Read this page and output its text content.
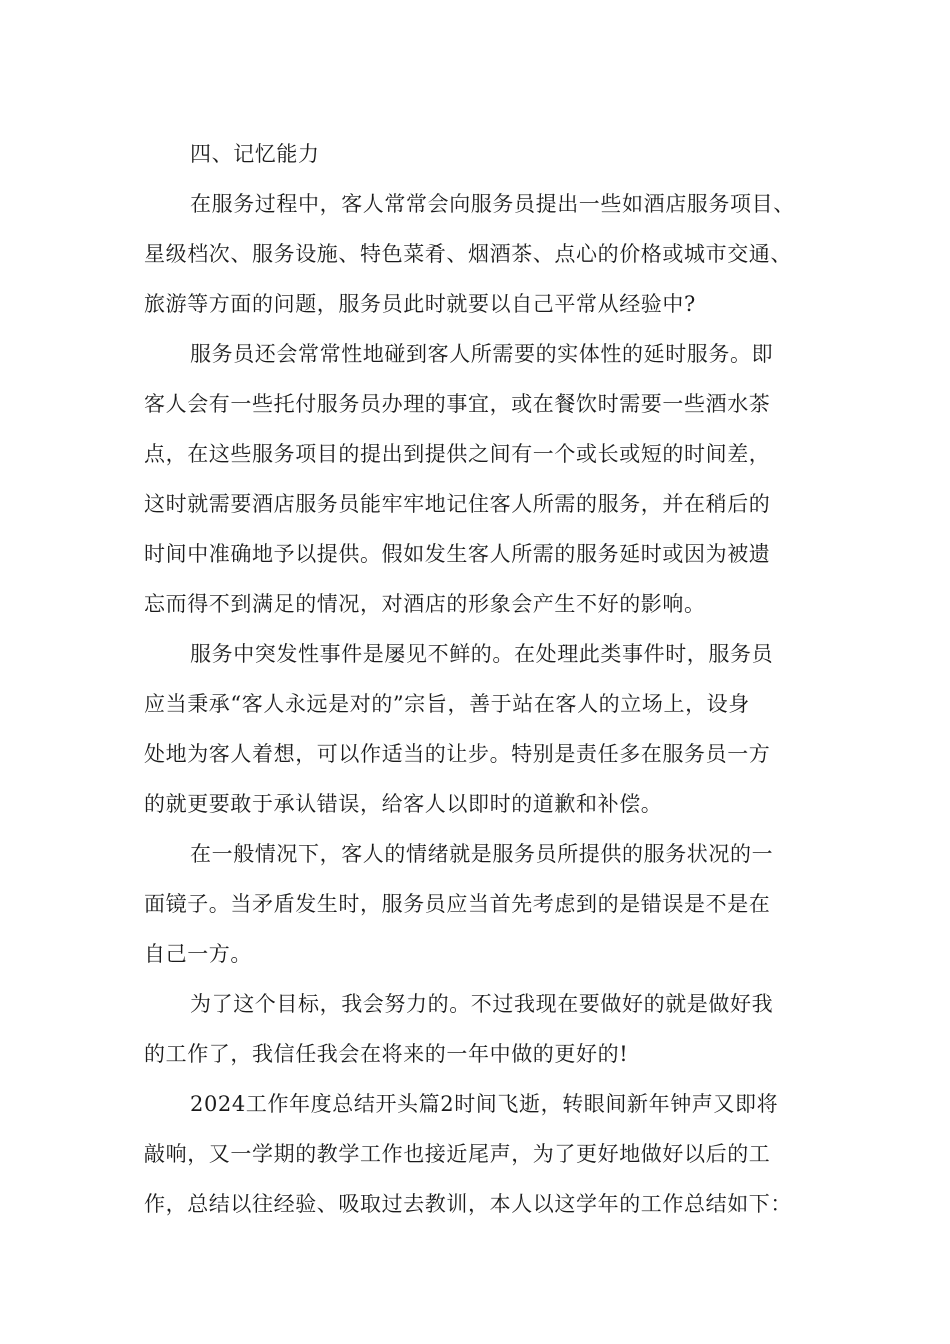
四、记忆能力
在服务过程中，客人常常会向服务员提出一些如酒店服务项目、
星级档次、服务设施、特色菜肴、烟酒茶、点心的价格或城市交通、
旅游等方面的问题，服务员此时就要以自己平常从经验中?
服务员还会常常性地碰到客人所需要的实体性的延时服务。即
客人会有一些托付服务员办理的事宜，或在餐饮时需要一些酒水茶
点，在这些服务项目的提出到提供之间有一个或长或短的时间差，
这时就需要酒店服务员能牢牢地记住客人所需的服务，并在稍后的
时间中准确地予以提供。假如发生客人所需的服务延时或因为被遗
忘而得不到满足的情况，对酒店的形象会产生不好的影响。
服务中突发性事件是屡见不鲜的。在处理此类事件时，服务员
应当秉承“客人永远是对的”宗旨，善于站在客人的立场上，设身
处地为客人着想，可以作适当的让步。特别是责任多在服务员一方
的就更要敢于承认错误，给客人以即时的道歉和补偿。
在一般情况下，客人的情绪就是服务员所提供的服务状况的一
面镜子。当矛盾发生时，服务员应当首先考虑到的是错误是不是在
自己一方。
为了这个目标，我会努力的。不过我现在要做好的就是做好我
的工作了，我信任我会在将来的一年中做的更好的!
2024工作年度总结开头篇2时间飞逝，转眼间新年钟声又即将
敲响，又一学期的教学工作也接近尾声，为了更好地做好以后的工
作，总结以往经验、吸取过去教训，本人以这学年的工作总结如下：
